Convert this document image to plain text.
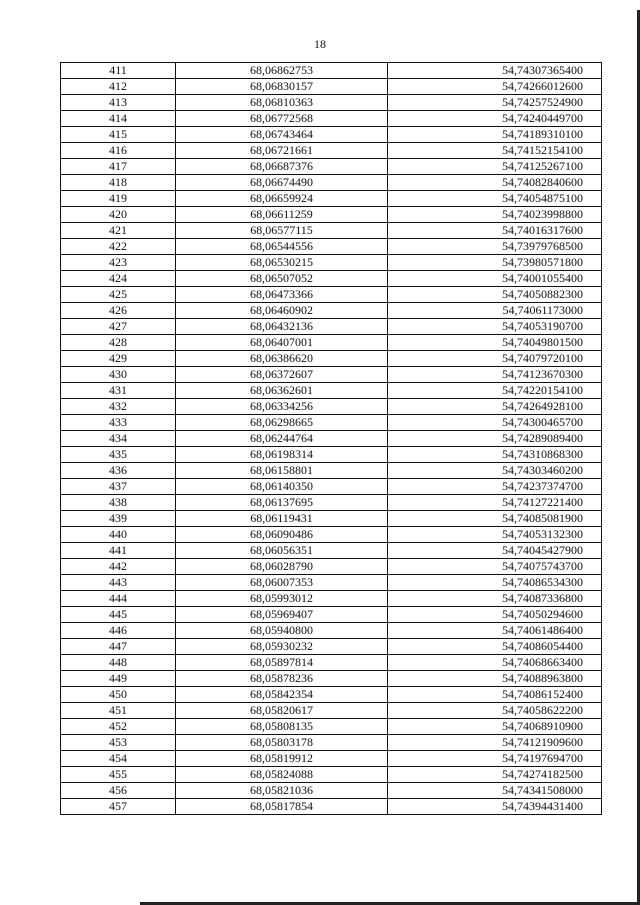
18
411	68,06862753	54,74307365400
412	68,06830157	54,74266012600
413	68,06810363	54,74257524900
414	68,06772568	54,74240449700
415	68,06743464	54,74189310100
416	68,06721661	54,74152154100
417	68,06687376	54,74125267100
418	68,06674490	54,74082840600
419	68,06659924	54,74054875100
420	68,06611259	54,74023998800
421	68,06577115	54,74016317600
422	68,06544556	54,73979768500
423	68,06530215	54,73980571800
424	68,06507052	54,74001055400
425	68,06473366	54,74050882300
426	68,06460902	54,74061173000
427	68,06432136	54,74053190700
428	68,06407001	54,74049801500
429	68,06386620	54,74079720100
430	68,06372607	54,74123670300
431	68,06362601	54,74220154100
432	68,06334256	54,74264928100
433	68,06298665	54,74300465700
434	68,06244764	54,74289089400
435	68,06198314	54,74310868300
436	68,06158801	54,74303460200
437	68,06140350	54,74237374700
438	68,06137695	54,74127221400
439	68,06119431	54,74085081900
440	68,06090486	54,74053132300
441	68,06056351	54,74045427900
442	68,06028790	54,74075743700
443	68,06007353	54,74086534300
444	68,05993012	54,74087336800
445	68,05969407	54,74050294600
446	68,05940800	54,74061486400
447	68,05930232	54,74086054400
448	68,05897814	54,74068663400
449	68,05878236	54,74088963800
450	68,05842354	54,74086152400
451	68,05820617	54,74058622200
452	68,05808135	54,74068910900
453	68,05803178	54,74121909600
454	68,05819912	54,74197694700
455	68,05824088	54,74274182500
456	68,05821036	54,74341508000
457	68,05817854	54,74394431400
